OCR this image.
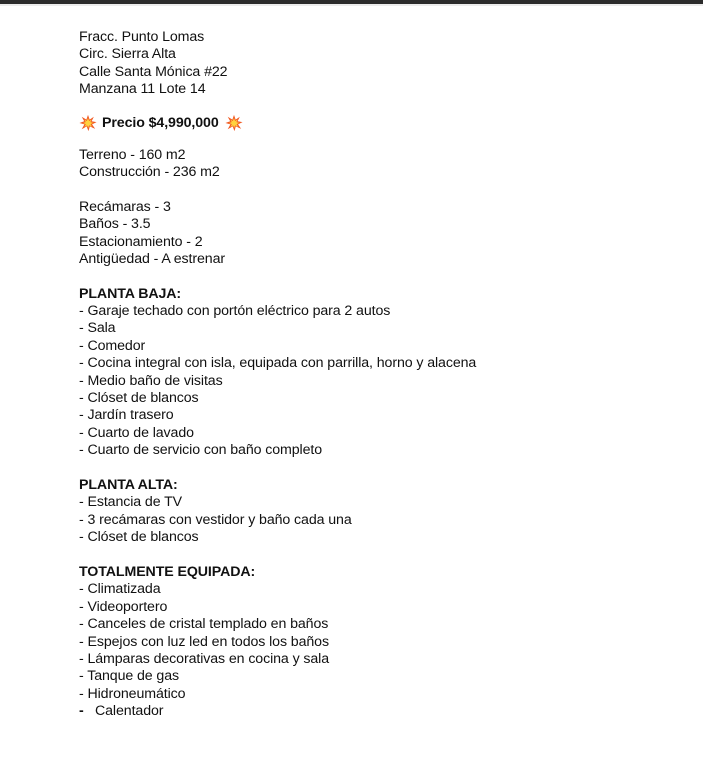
Fracc. Punto Lomas
Circ. Sierra Alta
Calle Santa Mónica #22
Manzana 11 Lote 14
Precio $4,990,000
Terreno - 160 m2
Construcción - 236 m2
Recámaras - 3
Baños - 3.5
Estacionamiento - 2
Antigüedad - A estrenar
PLANTA BAJA:
- Garaje techado con portón eléctrico para 2 autos
- Sala
- Comedor
- Cocina integral con isla, equipada con parrilla, horno y alacena
- Medio baño de visitas
- Clóset de blancos
- Jardín trasero
- Cuarto de lavado
- Cuarto de servicio con baño completo
PLANTA ALTA:
- Estancia de TV
- 3 recámaras con vestidor y baño cada una
- Clóset de blancos
TOTALMENTE EQUIPADA:
- Climatizada
- Videoportero
- Canceles de cristal templado en baños
- Espejos con luz led en todos los baños
- Lámparas decorativas en cocina y sala
- Tanque de gas
- Hidroneumático
- Calentador
